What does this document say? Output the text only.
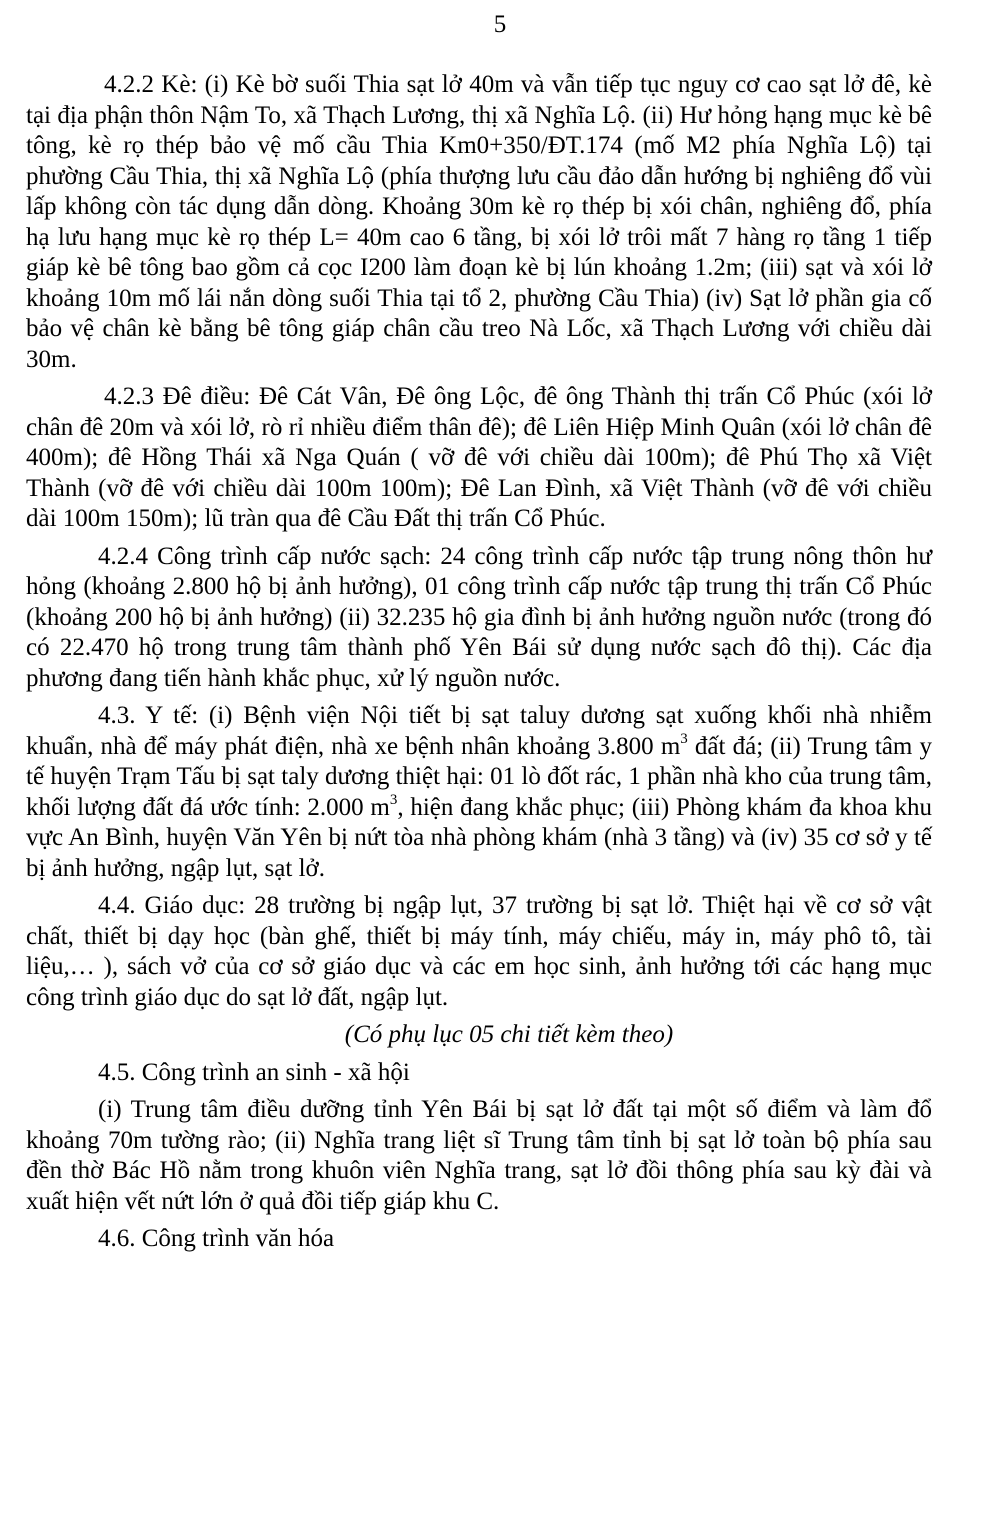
5

4.2.2 Kè: (i) Kè bờ suối Thia sạt lở 40m và vẫn tiếp tục nguy cơ cao sạt lở đê, kè tại địa phận thôn Nậm To, xã Thạch Lương, thị xã Nghĩa Lộ. (ii) Hư hỏng hạng mục kè bê tông, kè rọ thép bảo vệ mố cầu Thia Km0+350/ĐT.174 (mố M2 phía Nghĩa Lộ) tại phường Cầu Thia, thị xã Nghĩa Lộ (phía thượng lưu cầu đảo dẫn hướng bị nghiêng đổ vùi lấp không còn tác dụng dẫn dòng. Khoảng 30m kè rọ thép bị xói chân, nghiêng đổ, phía hạ lưu hạng mục kè rọ thép L= 40m cao 6 tầng, bị xói lở trôi mất 7 hàng rọ tầng 1 tiếp giáp kè bê tông bao gồm cả cọc I200 làm đoạn kè bị lún khoảng 1.2m; (iii) sạt và xói lở khoảng 10m mố lái nắn dòng suối Thia tại tổ 2, phường Cầu Thia) (iv) Sạt lở phần gia cố bảo vệ chân kè bằng bê tông giáp chân cầu treo Nà Lốc, xã Thạch Lương với chiều dài 30m.

4.2.3 Đê điều: Đê Cát Vân, Đê ông Lộc, đê ông Thành thị trấn Cổ Phúc (xói lở chân đê 20m và xói lở, rò rỉ nhiều điểm thân đê); đê Liên Hiệp Minh Quân (xói lở chân đê 400m); đê Hồng Thái xã Nga Quán ( vỡ đê với chiều dài 100m); đê Phú Thọ xã Việt Thành (vỡ đê với chiều dài 100m 100m); Đê Lan Đình, xã Việt Thành (vỡ đê với chiều dài 100m 150m); lũ tràn qua đê Cầu Đất thị trấn Cổ Phúc.

4.2.4 Công trình cấp nước sạch: 24 công trình cấp nước tập trung nông thôn hư hỏng (khoảng 2.800 hộ bị ảnh hưởng), 01 công trình cấp nước tập trung thị trấn Cổ Phúc (khoảng 200 hộ bị ảnh hưởng) (ii) 32.235 hộ gia đình bị ảnh hưởng nguồn nước (trong đó có 22.470 hộ trong trung tâm thành phố Yên Bái sử dụng nước sạch đô thị). Các địa phương đang tiến hành khắc phục, xử lý nguồn nước.

4.3. Y tế: (i) Bệnh viện Nội tiết bị sạt taluy dương sạt xuống khối nhà nhiễm khuẩn, nhà để máy phát điện, nhà xe bệnh nhân khoảng 3.800 $m^3$ đất đá; (ii) Trung tâm y tế huyện Trạm Tấu bị sạt taly dương thiệt hại: 01 lò đốt rác, 1 phần nhà kho của trung tâm, khối lượng đất đá ước tính: 2.000 $m^3$, hiện đang khắc phục; (iii) Phòng khám đa khoa khu vực An Bình, huyện Văn Yên bị nứt tòa nhà phòng khám (nhà 3 tầng) và (iv) 35 cơ sở y tế bị ảnh hưởng, ngập lụt, sạt lở.

4.4. Giáo dục: 28 trường bị ngập lụt, 37 trường bị sạt lở. Thiệt hại về cơ sở vật chất, thiết bị dạy học (bàn ghế, thiết bị máy tính, máy chiếu, máy in, máy phô tô, tài liệu,… ), sách vở của cơ sở giáo dục và các em học sinh, ảnh hưởng tới các hạng mục công trình giáo dục do sạt lở đất, ngập lụt.

(Có phụ lục 05 chi tiết kèm theo)

4.5. Công trình an sinh - xã hội

(i) Trung tâm điều dưỡng tỉnh Yên Bái bị sạt lở đất tại một số điểm và làm đổ khoảng 70m tường rào; (ii) Nghĩa trang liệt sĩ Trung tâm tỉnh bị sạt lở toàn bộ phía sau đền thờ Bác Hồ nằm trong khuôn viên Nghĩa trang, sạt lở đồi thông phía sau kỳ đài và xuất hiện vết nứt lớn ở quả đồi tiếp giáp khu C.

4.6. Công trình văn hóa
